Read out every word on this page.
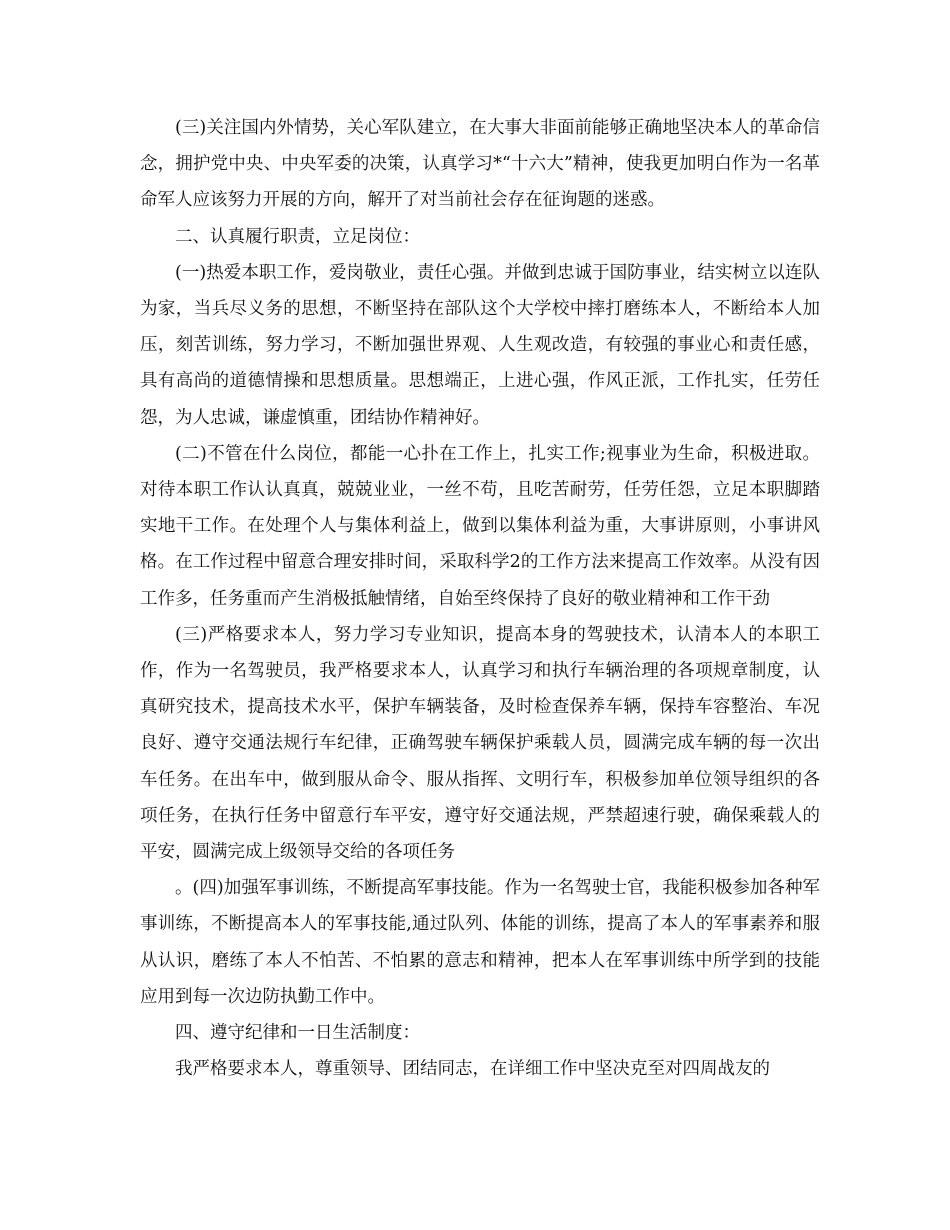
(三)关注国内外情势，关心军队建立，在大事大非面前能够正确地坚决本人的革命信念，拥护党中央、中央军委的决策，认真学习*“十六大”精神，使我更加明白作为一名革命军人应该努力开展的方向，解开了对当前社会存在征询题的迷惑。

二、认真履行职责，立足岗位：

(一)热爱本职工作，爱岗敬业，责任心强。并做到忠诚于国防事业，结实树立以连队为家，当兵尽义务的思想，不断坚持在部队这个大学校中摔打磨练本人，不断给本人加压，刻苦训练，努力学习，不断加强世界观、人生观改造，有较强的事业心和责任感，具有高尚的道德情操和思想质量。思想端正，上进心强，作风正派，工作扎实，任劳任怨，为人忠诚，谦虚慎重，团结协作精神好。

(二)不管在什么岗位，都能一心扑在工作上，扎实工作;视事业为生命，积极进取。对待本职工作认认真真，兢兢业业，一丝不苟，且吃苦耐劳，任劳任怨，立足本职脚踏实地干工作。在处理个人与集体利益上，做到以集体利益为重，大事讲原则，小事讲风格。在工作过程中留意合理安排时间，采取科学2的工作方法来提高工作效率。从没有因工作多，任务重而产生消极抵触情绪，自始至终保持了良好的敬业精神和工作干劲

(三)严格要求本人，努力学习专业知识，提高本身的驾驶技术，认清本人的本职工作，作为一名驾驶员，我严格要求本人，认真学习和执行车辆治理的各项规章制度，认真研究技术，提高技术水平，保护车辆装备，及时检查保养车辆，保持车容整治、车况良好、遵守交通法规行车纪律，正确驾驶车辆保护乘载人员，圆满完成车辆的每一次出车任务。在出车中，做到服从命令、服从指挥、文明行车，积极参加单位领导组织的各项任务，在执行任务中留意行车平安，遵守好交通法规，严禁超速行驶，确保乘载人的平安，圆满完成上级领导交给的各项任务

。(四)加强军事训练，不断提高军事技能。作为一名驾驶士官，我能积极参加各种军事训练，不断提高本人的军事技能,通过队列、体能的训练，提高了本人的军事素养和服从认识，磨练了本人不怕苦、不怕累的意志和精神，把本人在军事训练中所学到的技能应用到每一次边防执勤工作中。

四、遵守纪律和一日生活制度：

我严格要求本人，尊重领导、团结同志，在详细工作中坚决克至对四周战友的
